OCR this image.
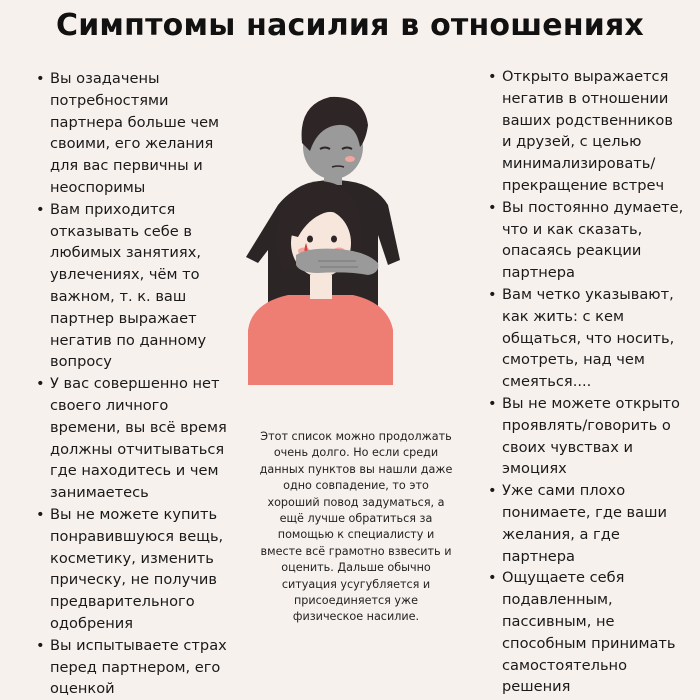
Симптомы насилия в отношениях
• Вы озадачены потребностями партнера больше чем своими, его желания для вас первичны и неоспоримы
• Вам приходится отказывать себе в любимых занятиях, увлечениях, чём то важном, т. к. ваш партнер выражает негатив по данному вопросу
• У вас совершенно нет своего личного времени, вы всё время должны отчитываться где находитесь и чем занимаетесь
• Вы не можете купить понравившуюся вещь, косметику, изменить прическу, не получив предварительного одобрения
• Вы испытываете страх перед партнером, его оценкой
• Открыто выражается негатив в отношении ваших родственников и друзей, с целью минимализировать/ прекращение встреч
• Вы постоянно думаете, что и как сказать, опасаясь реакции партнера
• Вам четко указывают, как жить: с кем общаться, что носить, смотреть, над чем смеяться....
• Вы не можете открыто проявлять/говорить о своих чувствах и эмоциях
• Уже сами плохо понимаете, где ваши желания, а где партнера
• Ощущаете себя подавленным, пассивным, не способным принимать самостоятельно решения
Этот список можно продолжать очень долго. Но если среди данных пунктов вы нашли даже одно совпадение, то это хороший повод задуматься, а ещё лучше обратиться за помощью к специалисту и вместе всё грамотно взвесить и оценить. Дальше обычно ситуация усугубляется и присоединяется уже физическое насилие.
